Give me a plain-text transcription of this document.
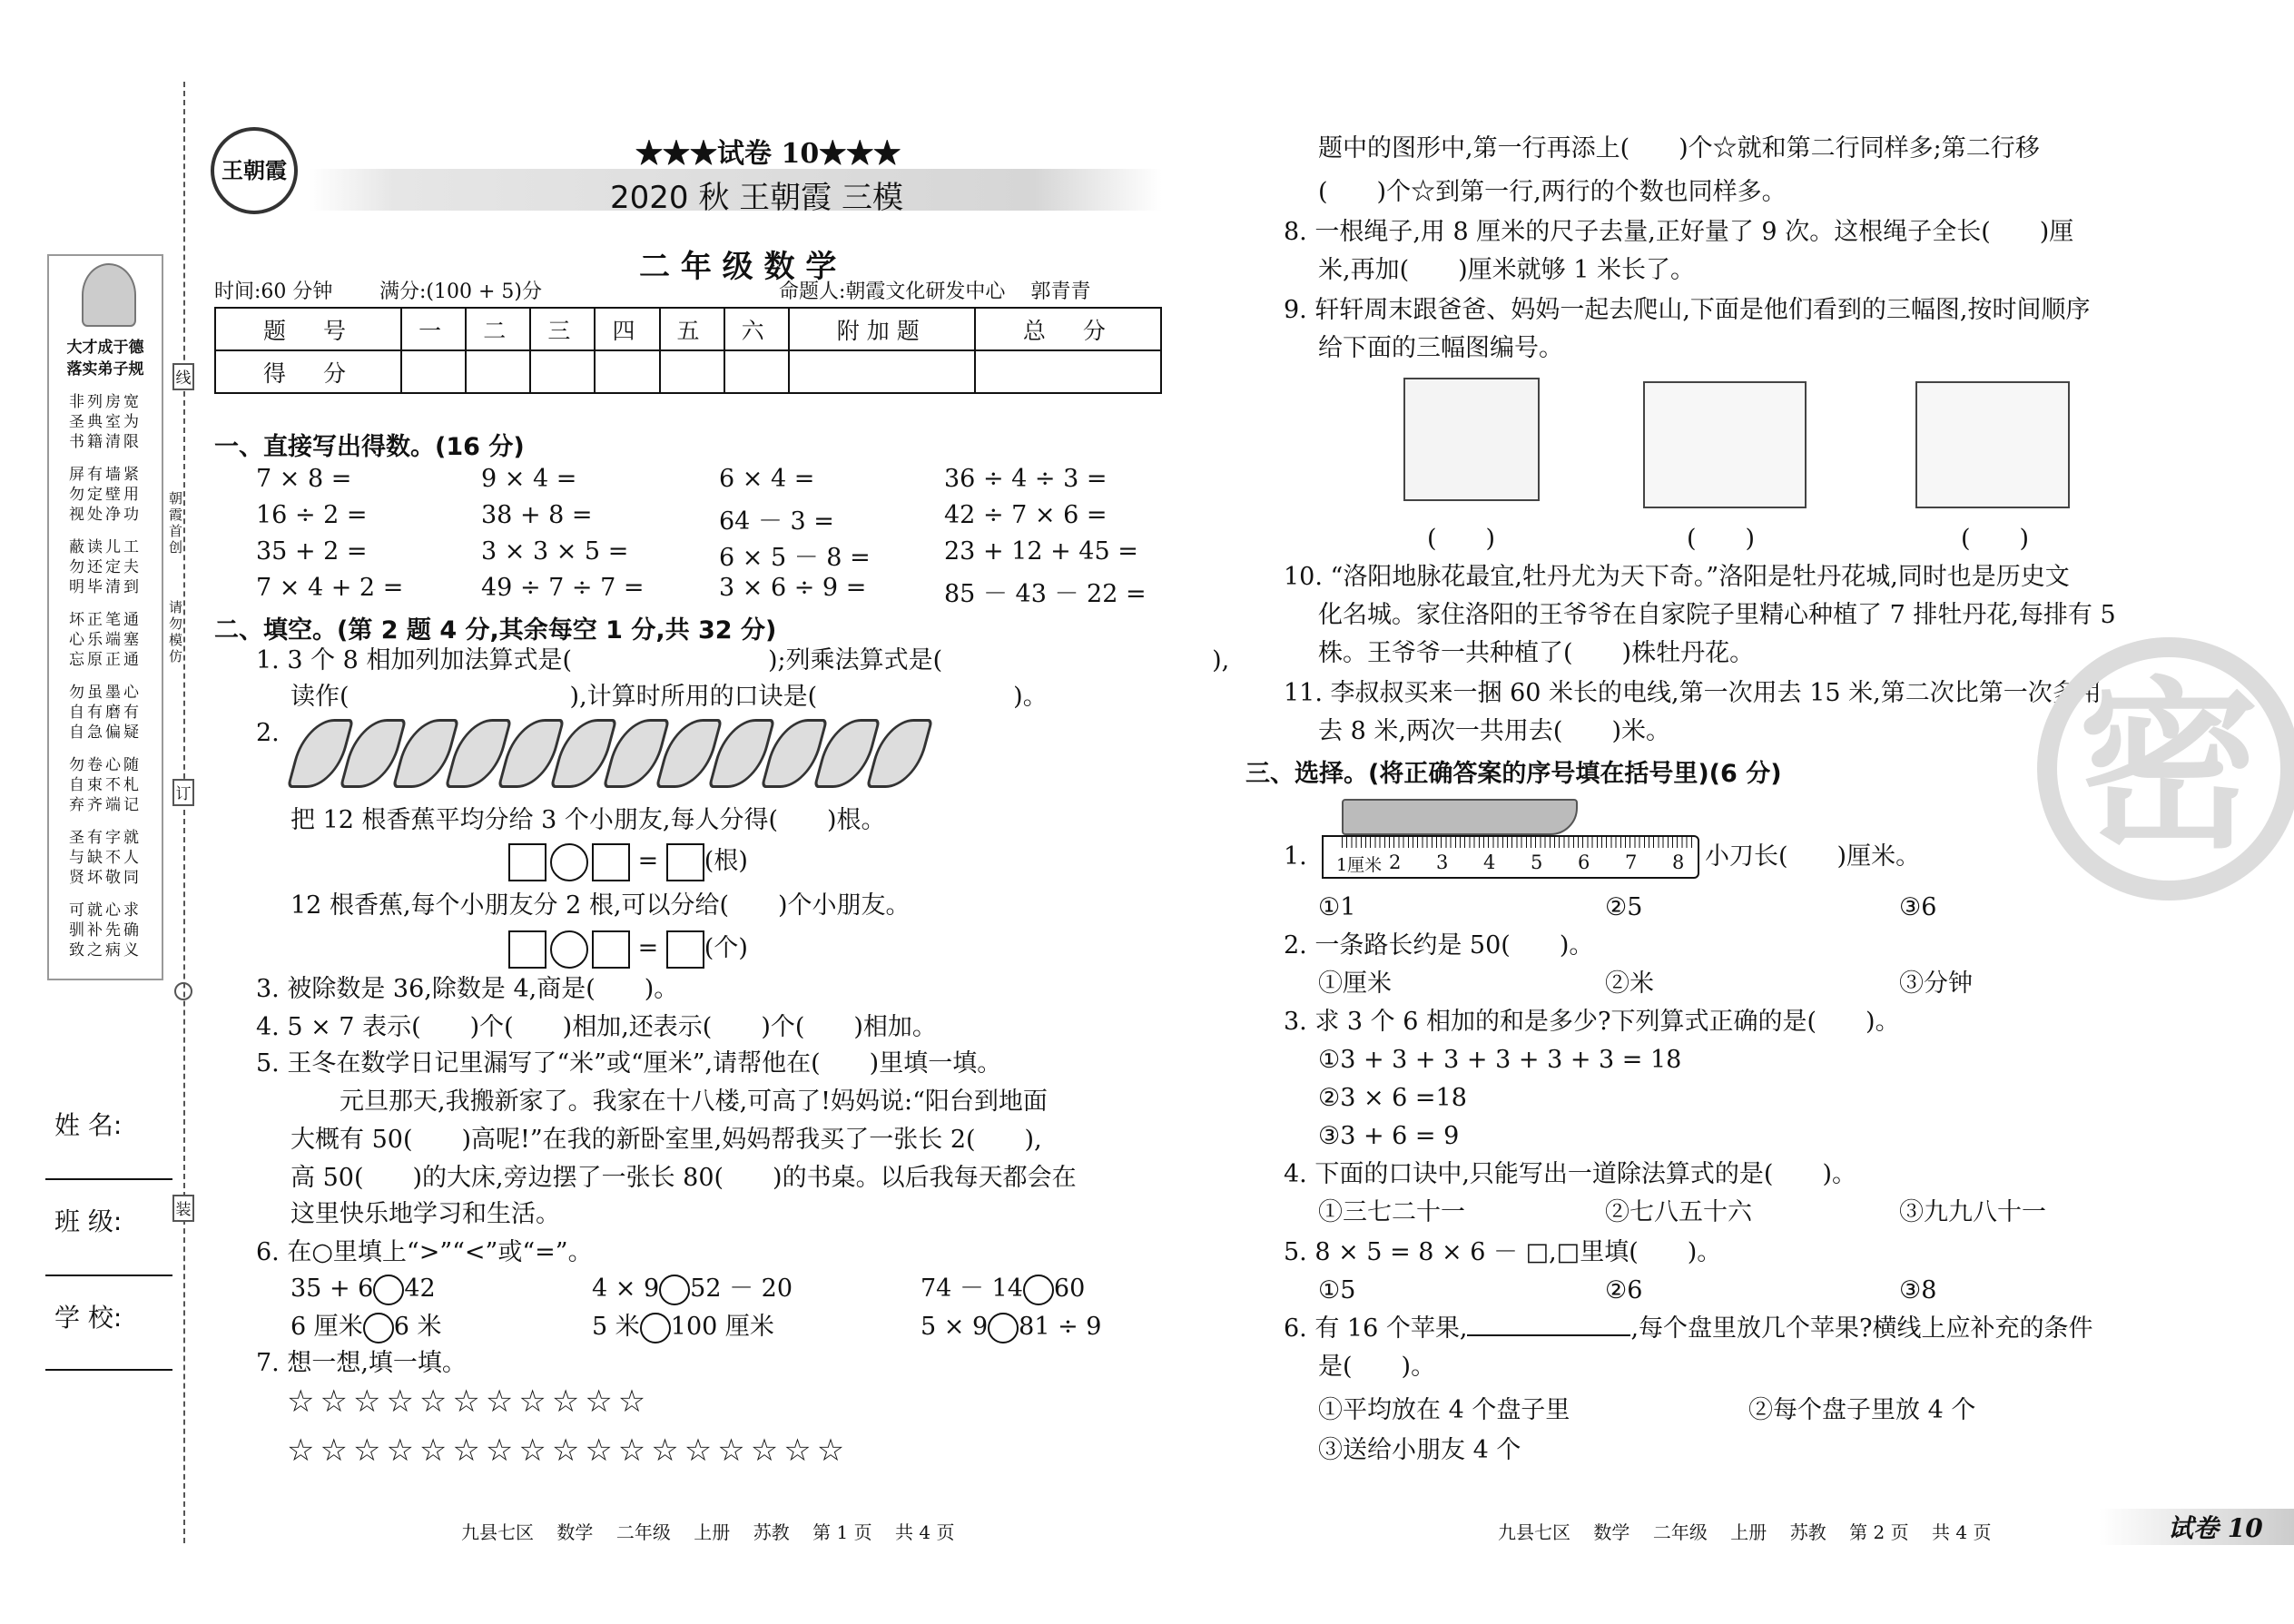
大才成于德
落实弟子规
非列房宽
圣典室为
书籍清限
屏有墙紧
勿定壁用
视处净功
蔽读儿工
勿还定夫
明毕清到
坏正笔通
心乐端塞
忘原正通
勿虽墨心
自有磨有
自急偏疑
勿卷心随
自束不札
弃齐端记
圣有字就
与缺不人
贤坏敬同
可就心求
驯补先确
致之病义
线
朝霞首创
请勿模仿
订
装
姓 名:
班 级:
学 校:
王朝霞
★★★试卷 10★★★
2020 秋 王朝霞 三模
二 年 级 数 学
时间:60 分钟 满分:(100 + 5)分	命题人:朝霞文化研发中心    郭青青
题　号	一	二	三	四	五	六	附加题	总　分
得　分								
一、直接写出得数。(16 分)
7 × 8 =	9 × 4 =	6 × 4 =	36 ÷ 4 ÷ 3 =
16 ÷ 2 =	38 + 8 =	64 － 3 =	42 ÷ 7 × 6 =
35 + 2 =	3 × 3 × 5 =	6 × 5 － 8 =	23 + 12 + 45 =
7 × 4 + 2 =	49 ÷ 7 ÷ 7 =	3 × 6 ÷ 9 =	85 － 43 － 22 =
二、填空。(第 2 题 4 分,其余每空 1 分,共 32 分)
1. 3 个 8 相加列加法算式是(　　　　　　　　);列乘法算式是(　　　　　　　　　　　),
读作(　　　　　　　　　),计算时所用的口诀是(　　　　　　　　)。
2.
把 12 根香蕉平均分给 3 个小朋友,每人分得(　　)根。
= (根)
12 根香蕉,每个小朋友分 2 根,可以分给(　　)个小朋友。
= (个)
3. 被除数是 36,除数是 4,商是(　　)。
4. 5 × 7 表示(　　)个(　　)相加,还表示(　　)个(　　)相加。
5. 王冬在数学日记里漏写了“米”或“厘米”,请帮他在(　　)里填一填。
　　元旦那天,我搬新家了。我家在十八楼,可高了!妈妈说:“阳台到地面
大概有 50(　　)高呢!”在我的新卧室里,妈妈帮我买了一张长 2(　　),
高 50(　　)的大床,旁边摆了一张长 80(　　)的书桌。以后我每天都会在
这里快乐地学习和生活。
6. 在○里填上“>”“<”或“=”。
35 + 6 42	4 × 9 52 － 20	74 － 14 60
6 厘米 6 米	5 米 100 厘米	5 × 9 81 ÷ 9
7. 想一想,填一填。
☆☆☆☆☆☆☆☆☆☆☆
☆☆☆☆☆☆☆☆☆☆☆☆☆☆☆☆☆
题中的图形中,第一行再添上(　　)个☆就和第二行同样多;第二行移
(　　)个☆到第一行,两行的个数也同样多。
8. 一根绳子,用 8 厘米的尺子去量,正好量了 9 次。这根绳子全长(　　)厘
米,再加(　　)厘米就够 1 米长了。
9. 轩轩周末跟爸爸、妈妈一起去爬山,下面是他们看到的三幅图,按时间顺序
给下面的三幅图编号。
(　　)	(　　)	(　　)
10. “洛阳地脉花最宜,牡丹尤为天下奇。”洛阳是牡丹花城,同时也是历史文
化名城。家住洛阳的王爷爷在自家院子里精心种植了 7 排牡丹花,每排有 5
株。王爷爷一共种植了(　　)株牡丹花。
11. 李叔叔买来一捆 60 米长的电线,第一次用去 15 米,第二次比第一次多用
去 8 米,两次一共用去(　　)米。
三、选择。(将正确答案的序号填在括号里)(6 分)
1. 1厘米 2 3 4 5 6 7 8 小刀长(　　)厘米。
①1	②5	③6
2. 一条路长约是 50(　　)。
①厘米	②米	③分钟
3. 求 3 个 6 相加的和是多少?下列算式正确的是(　　)。
①3 + 3 + 3 + 3 + 3 + 3 = 18
②3 × 6 =18
③3 + 6 = 9
4. 下面的口诀中,只能写出一道除法算式的是(　　)。
①三七二十一	②七八五十六	③九九八十一
5. 8 × 5 = 8 × 6 － □,□里填(　　)。
①5	②6	③8
6. 有 16 个苹果,	,每个盘里放几个苹果?横线上应补充的条件
是(　　)。
①平均放在 4 个盘子里	②每个盘子里放 4 个
③送给小朋友 4 个
密
九县七区    数学    二年级    上册    苏教    第 1 页    共 4 页	九县七区    数学    二年级    上册    苏教    第 2 页    共 4 页	试卷 10
